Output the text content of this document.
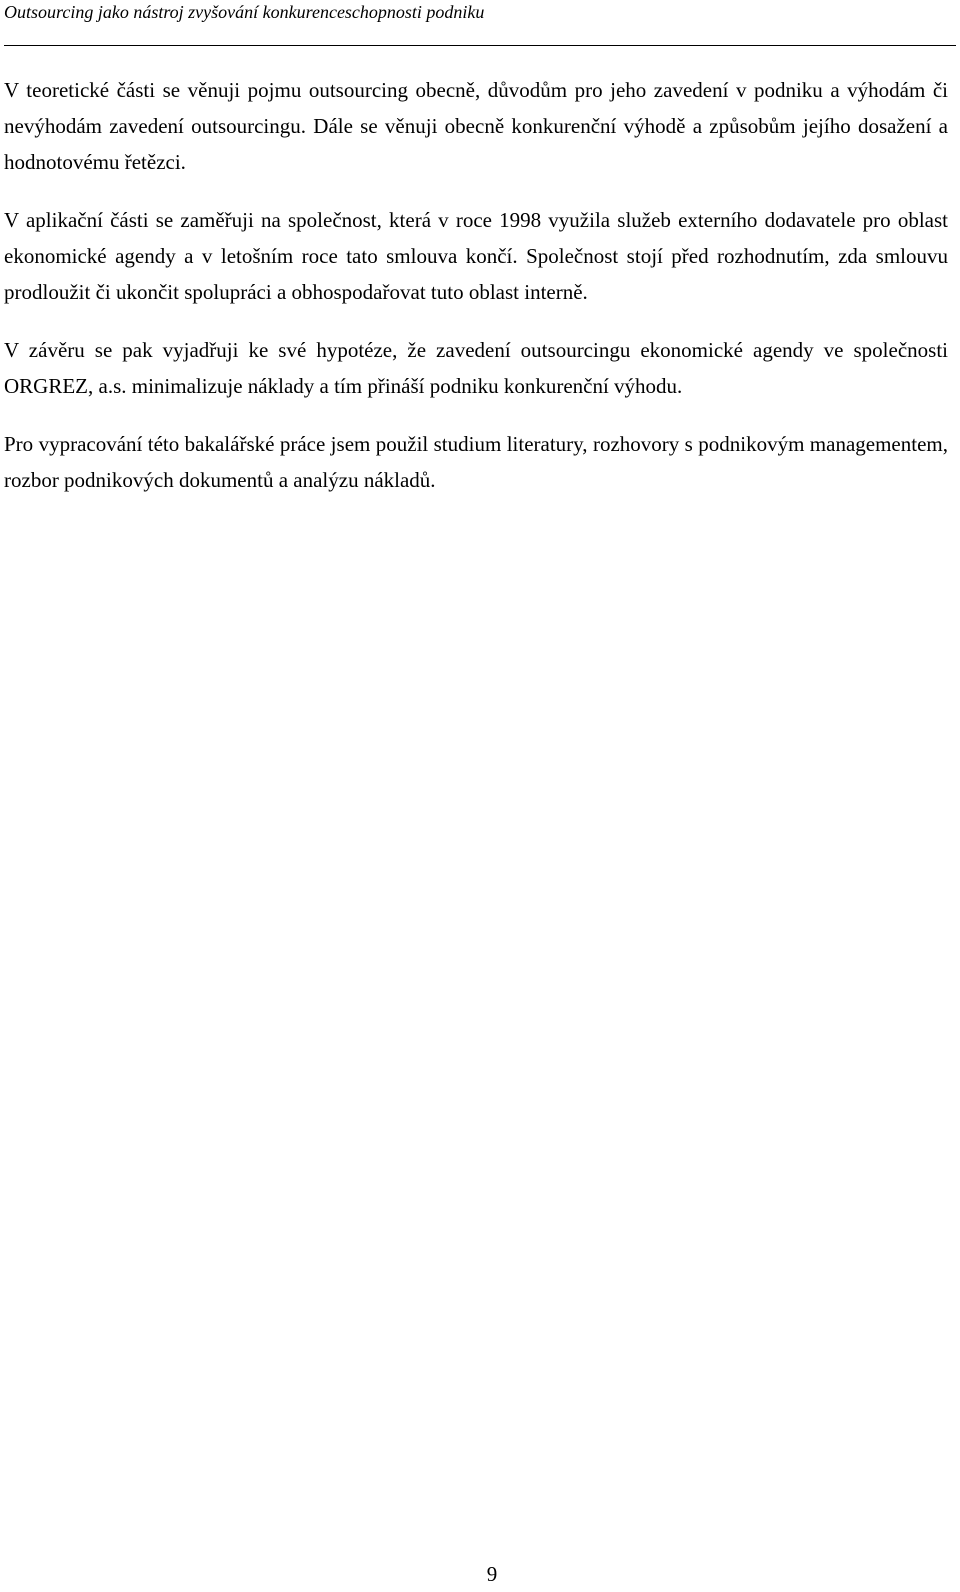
Outsourcing jako nástroj zvyšování konkurenceschopnosti podniku

V teoretické části se věnuji pojmu outsourcing obecně, důvodům pro jeho zavedení v podniku a výhodám či nevýhodám zavedení outsourcingu. Dále se věnuji obecně konkurenční výhodě a způsobům jejího dosažení a hodnotovému řetězci.

V aplikační části se zaměřuji na společnost, která v roce 1998 využila služeb externího dodavatele pro oblast ekonomické agendy a v letošním roce tato smlouva končí. Společnost stojí před rozhodnutím, zda smlouvu prodloužit či ukončit spolupráci a obhospodařovat tuto oblast interně.

V závěru se pak vyjadřuji ke své hypotéze, že zavedení outsourcingu ekonomické agendy ve společnosti ORGREZ, a.s. minimalizuje náklady a tím přináší podniku konkurenční výhodu.

Pro vypracování této bakalářské práce jsem použil studium literatury, rozhovory s podnikovým managementem, rozbor podnikových dokumentů a analýzu nákladů.

9
